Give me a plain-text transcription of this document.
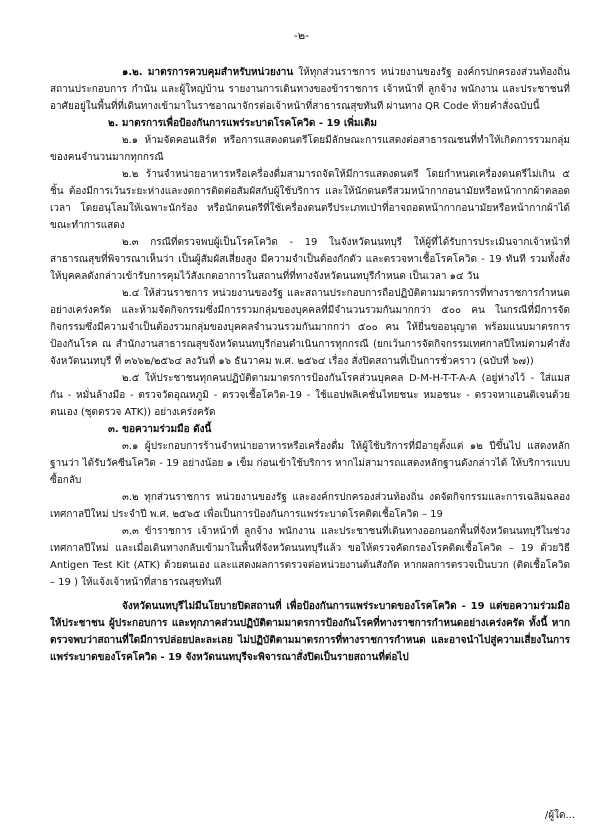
-๒-

๑.๒. มาตรการควบคุมสำหรับหน่วยงาน ให้ทุกส่วนราชการ หน่วยงานของรัฐ องค์กรปกครองส่วนท้องถิ่น สถานประกอบการ กำนัน และผู้ใหญ่บ้าน รายงานการเดินทางของข้าราชการ เจ้าหน้าที่ ลูกจ้าง พนักงาน และประชาชนที่อาศัยอยู่ในพื้นที่ที่เดินทางเข้ามาในราชอาณาจักรต่อเจ้าหน้าที่สาธารณสุขทันที ผ่านทาง QR Code ท้ายคำสั่งฉบับนี้

๒. มาตรการเพื่อป้องกันการแพร่ระบาดโรคโควิด - 19 เพิ่มเติม

๒.๑ ห้ามจัดคอนเสิร์ต หรือการแสดงดนตรีโดยมีลักษณะการแสดงต่อสาธารณชนที่ทำให้เกิดการรวมกลุ่มของคนจำนวนมากทุกกรณี

๒.๒ ร้านจำหน่ายอาหารหรือเครื่องดื่มสามารถจัดให้มีการแสดงดนตรี โดยกำหนดเครื่องดนตรีไม่เกิน ๕ ชิ้น ต้องมีการเว้นระยะห่างและงดการติดต่อสัมผัสกับผู้ใช้บริการ และให้นักดนตรีสวมหน้ากากอนามัยหรือหน้ากากผ้าตลอดเวลา โดยอนุโลมให้เฉพาะนักร้อง หรือนักดนตรีที่ใช้เครื่องดนตรีประเภทเป่าที่อาจถอดหน้ากากอนามัยหรือหน้ากากผ้าได้ขณะทำการแสดง

๒.๓ กรณีที่ตรวจพบผู้เป็นโรคโควิด - 19 ในจังหวัดนนทบุรี ให้ผู้ที่ได้รับการประเมินจากเจ้าหน้าที่สาธารณสุขที่พิจารณาเห็นว่า เป็นผู้สัมผัสเสี่ยงสูง มีความจำเป็นต้องกักตัว และตรวจหาเชื้อโรคโควิด - 19 ทันที รวมทั้งสั่งให้บุคคลดังกล่าวเข้ารับการคุมไว้สังเกตอาการในสถานที่ที่ทางจังหวัดนนทบุรีกำหนด เป็นเวลา ๑๔ วัน

๒.๔ ให้ส่วนราชการ หน่วยงานของรัฐ และสถานประกอบการถือปฏิบัติตามมาตรการที่ทางราชการกำหนดอย่างเคร่งครัด และห้ามจัดกิจกรรมซึ่งมีการรวมกลุ่มของบุคคลที่มีจำนวนรวมกันมากกว่า ๕๐๐ คน ในกรณีที่มีการจัดกิจกรรมซึ่งมีความจำเป็นต้องรวมกลุ่มของบุคคลจำนวนรวมกันมากกว่า ๕๐๐ คน ให้ยื่นขออนุญาต พร้อมแนบมาตรการป้องกันโรค ณ สำนักงานสาธารณสุขจังหวัดนนทบุรีก่อนดำเนินการทุกกรณี (ยกเว้นการจัดกิจกรรมเทศกาลปีใหม่ตามคำสั่งจังหวัดนนทบุรี ที่ ๓๖๖๒/๒๕๖๔ ลงวันที่ ๑๖ ธันวาคม พ.ศ. ๒๕๖๔ เรื่อง สั่งปิดสถานที่เป็นการชั่วคราว (ฉบับที่ ๖๗))

๒.๕ ให้ประชาชนทุกคนปฏิบัติตามมาตรการป้องกันโรคส่วนบุคคล D-M-H-T-T-A-A (อยู่ห่างไว้ - ใส่แมสกัน - หมั่นล้างมือ - ตรวจวัดอุณหภูมิ - ตรวจเชื้อโควิด-19 - ใช้แอปพลิเคชั่นไทยชนะ หมอชนะ - ตรวจหาแอนติเจนด้วยตนเอง (ชุดตรวจ ATK)) อย่างเคร่งครัด

๓. ขอความร่วมมือ ดังนี้

๓.๑ ผู้ประกอบการร้านจำหน่ายอาหารหรือเครื่องดื่ม ให้ผู้ใช้บริการที่มีอายุตั้งแต่ ๑๒ ปีขึ้นไป แสดงหลักฐานว่า ได้รับวัคซีนโควิด - 19 อย่างน้อย ๑ เข็ม ก่อนเข้าใช้บริการ หากไม่สามารถแสดงหลักฐานดังกล่าวได้ ให้บริการแบบซื้อกลับ

๓.๒ ทุกส่วนราชการ หน่วยงานของรัฐ และองค์กรปกครองส่วนท้องถิ่น งดจัดกิจกรรมและการเฉลิมฉลองเทศกาลปีใหม่ ประจำปี พ.ศ. ๒๕๖๕ เพื่อเป็นการป้องกันการแพร่ระบาดโรคติดเชื้อโควิด – 19

๓.๓ ข้าราชการ เจ้าหน้าที่ ลูกจ้าง พนักงาน และประชาชนที่เดินทางออกนอกพื้นที่จังหวัดนนทบุรีในช่วงเทศกาลปีใหม่ และเมื่อเดินทางกลับเข้ามาในพื้นที่จังหวัดนนทบุรีแล้ว ขอให้ตรวจคัดกรองโรคติดเชื้อโควิด – 19 ด้วยวิธี Antigen Test Kit (ATK) ด้วยตนเอง และแสดงผลการตรวจต่อหน่วยงานต้นสังกัด หากผลการตรวจเป็นบวก (ติดเชื้อโควิด – 19 ) ให้แจ้งเจ้าหน้าที่สาธารณสุขทันที

จังหวัดนนทบุรีไม่มีนโยบายปิดสถานที่ เพื่อป้องกันการแพร่ระบาดของโรคโควิด - 19 แต่ขอความร่วมมือให้ประชาชน ผู้ประกอบการ และทุกภาคส่วนปฏิบัติตามมาตรการป้องกันโรคที่ทางราชการกำหนดอย่างเคร่งครัด ทั้งนี้ หากตรวจพบว่าสถานที่ใดมีการปล่อยปละละเลย ไม่ปฏิบัติตามมาตรการที่ทางราชการกำหนด และอาจนำไปสู่ความเสี่ยงในการแพร่ระบาดของโรคโควิด - 19 จังหวัดนนทบุรีจะพิจารณาสั่งปิดเป็นรายสถานที่ต่อไป

/ผู้ใด...
